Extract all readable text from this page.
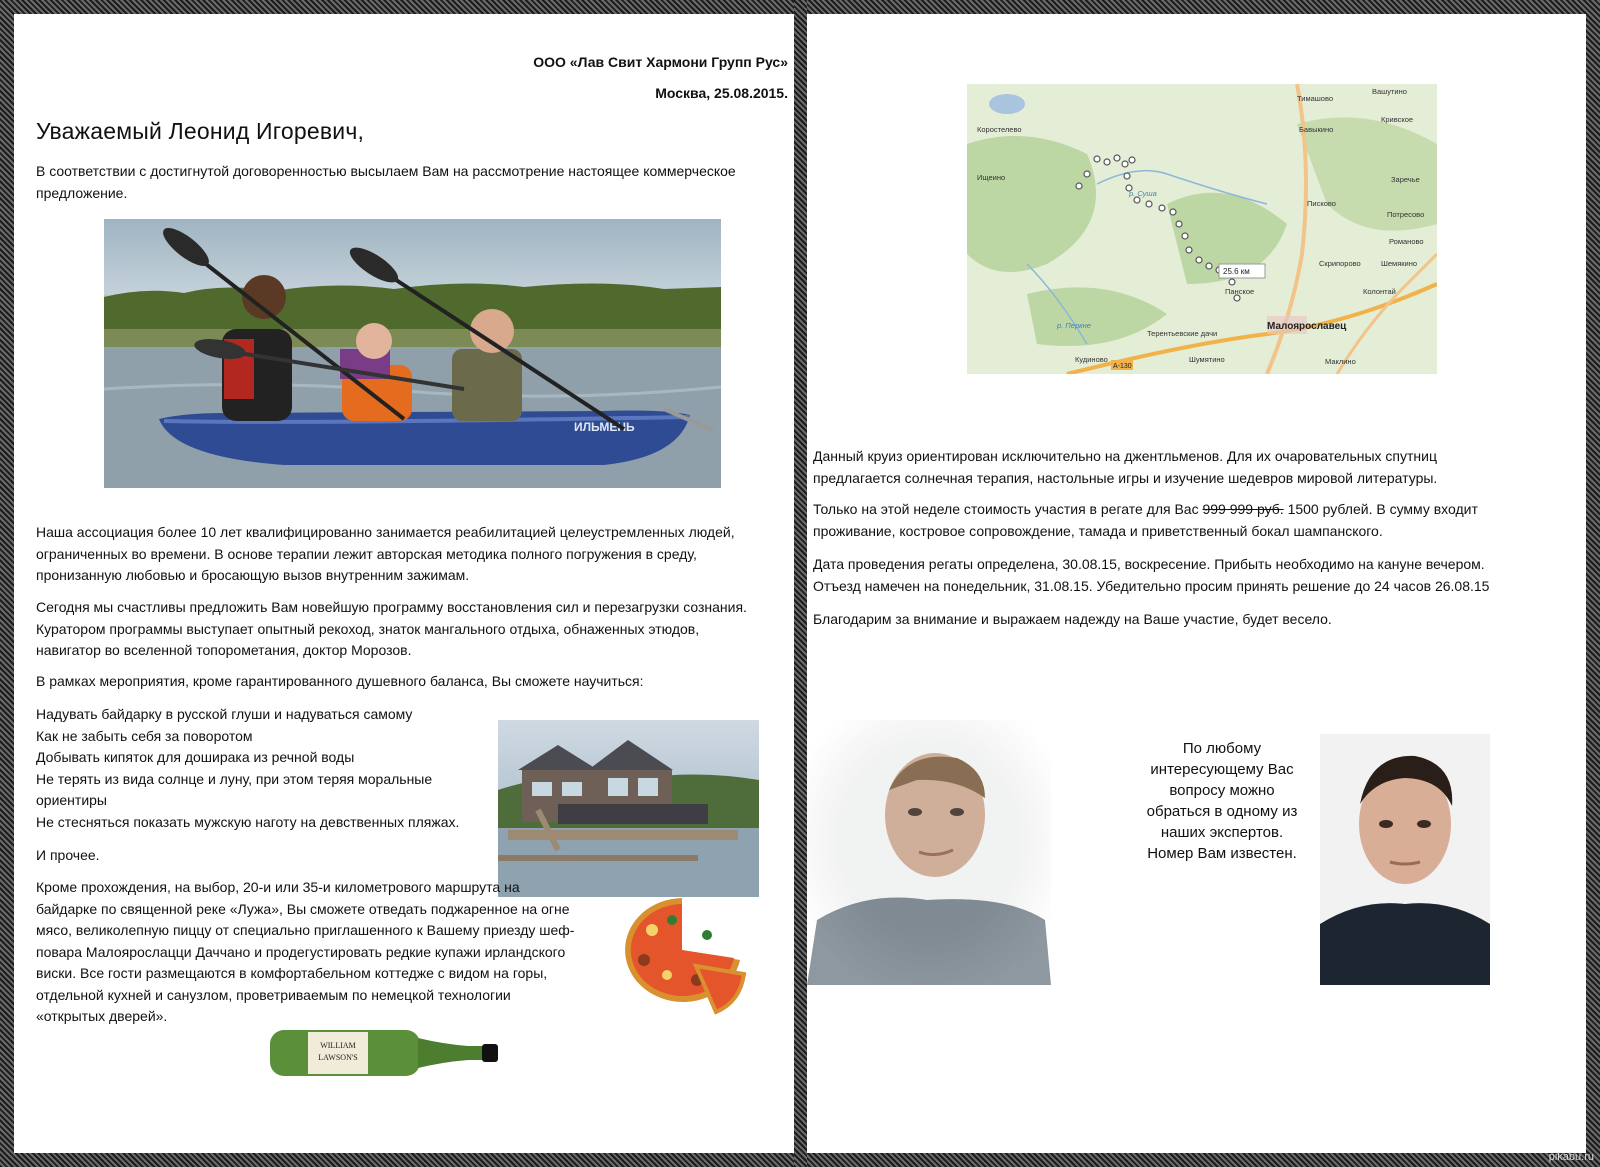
ООО «Лав Свит Хармони Групп Рус»
Москва, 25.08.2015.
Уважаемый Леонид Игоревич,
В соответствии с достигнутой договоренностью высылаем Вам на рассмотрение настоящее коммерческое
предложение.
ИЛЬМЕНЬ
Наша ассоциация более 10 лет квалифицированно занимается реабилитацией целеустремленных людей,
ограниченных во времени. В основе терапии лежит авторская методика полного погружения в среду,
пронизанную любовью и бросающую вызов внутренним зажимам.
Сегодня мы счастливы предложить Вам новейшую программу восстановления сил и перезагрузки сознания.
Куратором программы выступает опытный рекоход, знаток мангального отдыха, обнаженных этюдов,
навигатор во вселенной топорометания, доктор Морозов.
В рамках мероприятия, кроме гарантированного душевного баланса, Вы сможете научиться:
Надувать байдарку в русской глуши и надуваться самому
Как не забыть себя за поворотом
Добывать кипяток для доширака из речной воды
Не терять из вида солнце и луну, при этом теряя моральные
ориентиры
Не стесняться показать мужскую наготу на девственных пляжах.
И прочее.
Кроме прохождения, на выбор, 20-и или 35-и километрового маршрута на
байдарке по священной реке «Лужа», Вы сможете отведать поджаренное на огне
мясо, великолепную пиццу от специально приглашенного к Вашему приезду шеф-
повара Малоярослацци Даччано и продегустировать редкие купажи ирландского
виски. Все гости размещаются в комфортабельном коттедже с видом на горы,
отдельной кухней и санузлом, проветриваемым по немецкой технологии
«открытых дверей».
WILLIAM
LAWSON'S
Тимашово
Вашутино
Коростелево	Бавыкино
Кривское
Ищеино	Заречье
Писково
Потресово
Ромaново
Скрипорово	Шемякино
Колонтай
Панское
Терентьевские дачи
Кудиново	Шумятино	Маклино
р. Суша
р. Перкне	Малоярославец
А-130
25.6 км
Данный круиз ориентирован исключительно на джентльменов. Для их очаровательных спутниц
предлагается солнечная терапия, настольные игры и изучение шедевров мировой литературы.
Только на этой неделе стоимость участия в регате для Вас 999 999 руб. 1500 рублей. В сумму входит
проживание, костровое сопровождение, тамада и приветственный бокал шампанского.
Дата проведения регаты определена, 30.08.15, воскресение. Прибыть необходимо на кануне вечером.
Отъезд намечен на понедельник, 31.08.15. Убедительно просим принять решение до 24 часов 26.08.15
Благодарим за внимание и выражаем надежду на Ваше участие, будет весело.
По любому
интересующему Вас
вопросу можно
обраться в одному из
наших экспертов.
Номер Вам известен.
pikabu.ru
